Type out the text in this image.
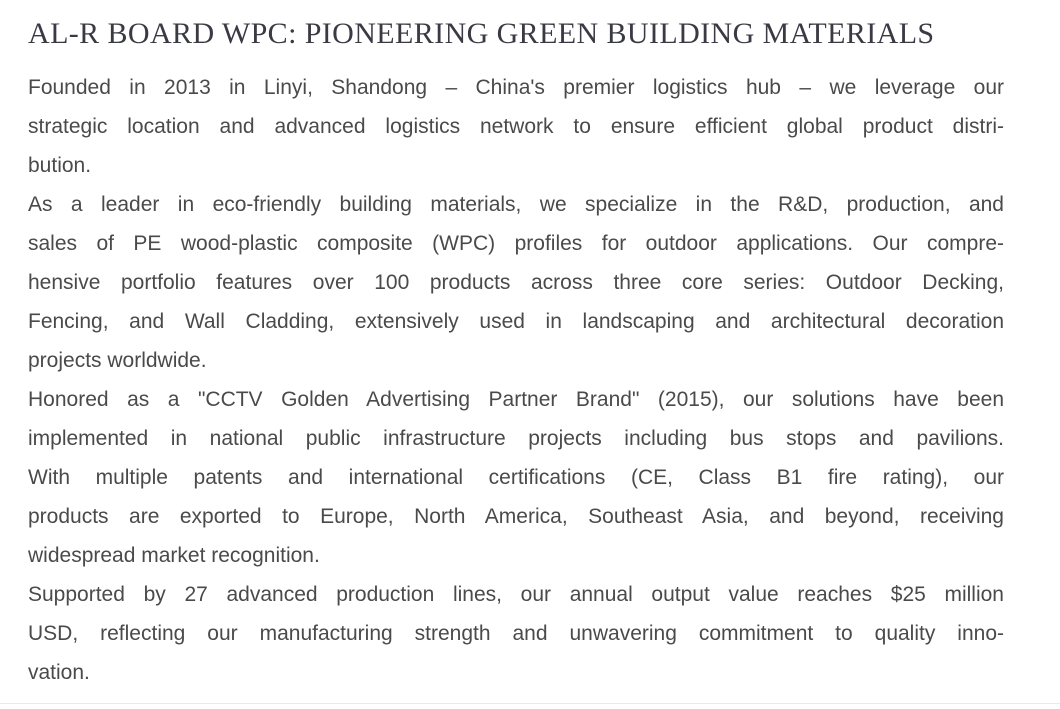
AL-R BOARD WPC: PIONEERING GREEN BUILDING MATERIALS
Founded in 2013 in Linyi, Shandong – China's premier logistics hub – we leverage our
strategic location and advanced logistics network to ensure efficient global product distri-
bution.
As a leader in eco-friendly building materials, we specialize in the R&D, production, and
sales of PE wood-plastic composite (WPC) profiles for outdoor applications. Our compre-
hensive portfolio features over 100 products across three core series: Outdoor Decking,
Fencing, and Wall Cladding, extensively used in landscaping and architectural decoration
projects worldwide.
Honored as a "CCTV Golden Advertising Partner Brand" (2015), our solutions have been
implemented in national public infrastructure projects including bus stops and pavilions.
With multiple patents and international certifications (CE, Class B1 fire rating), our
products are exported to Europe, North America, Southeast Asia, and beyond, receiving
widespread market recognition.
Supported by 27 advanced production lines, our annual output value reaches $25 million
USD, reflecting our manufacturing strength and unwavering commitment to quality inno-
vation.
